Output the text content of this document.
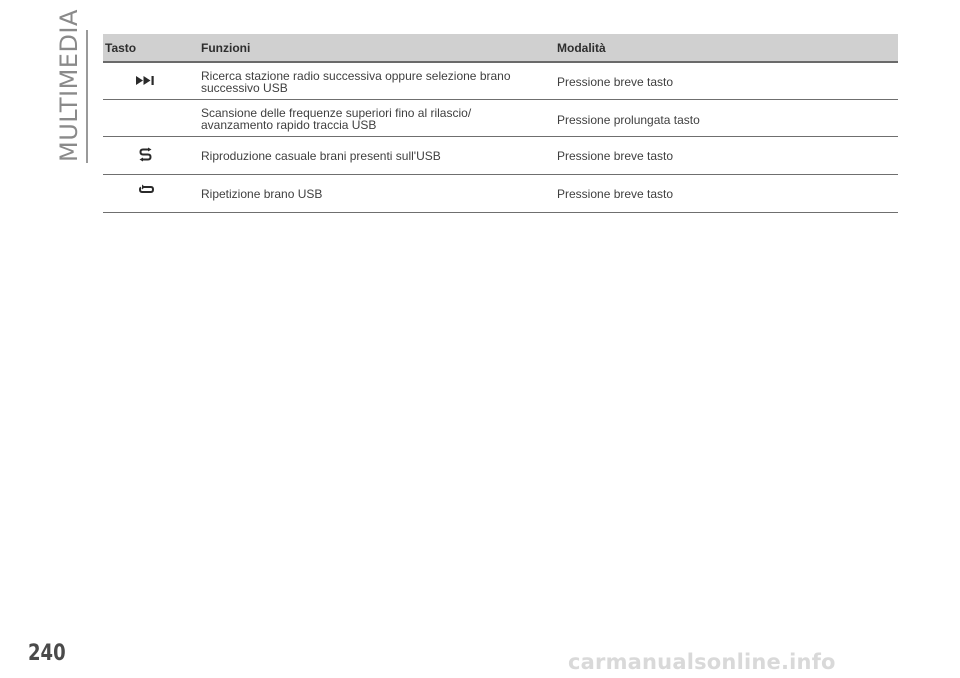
MULTIMEDIA Tasto	Funzioni	Modalità
Ricerca stazione radio successiva oppure selezione brano
successivo USB	Pressione breve tasto
Scansione delle frequenze superiori fino al rilascio/
avanzamento rapido traccia USB	Pressione prolungata tasto
Riproduzione casuale brani presenti sull'USB	Pressione breve tasto
Ripetizione brano USB	Pressione breve tasto
240	carmanualsonline.info
